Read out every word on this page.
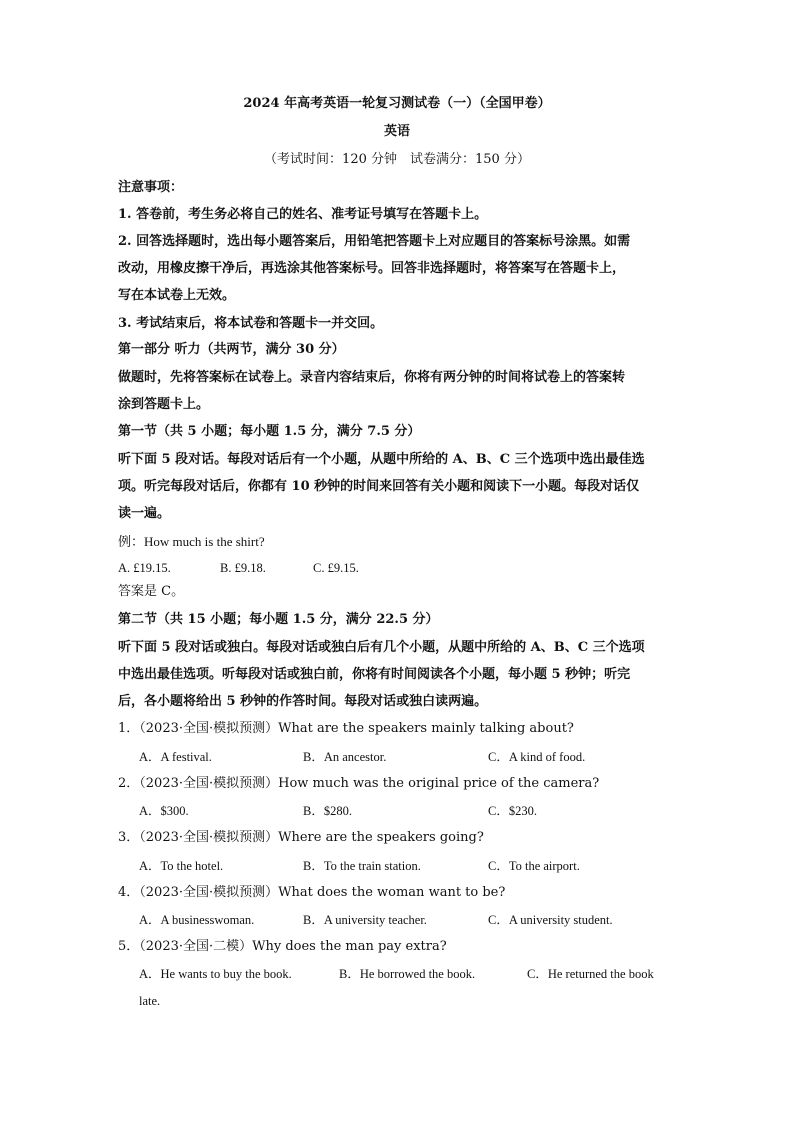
2024 年高考英语一轮复习测试卷（一）（全国甲卷）
英语
（考试时间：120 分钟　试卷满分：150 分）
注意事项：
1. 答卷前，考生务必将自己的姓名、准考证号填写在答题卡上。
2. 回答选择题时，选出每小题答案后，用铅笔把答题卡上对应题目的答案标号涂黑。如需
改动，用橡皮擦干净后，再选涂其他答案标号。回答非选择题时，将答案写在答题卡上，
写在本试卷上无效。
3. 考试结束后，将本试卷和答题卡一并交回。
第一部分 听力（共两节，满分 30 分）
做题时，先将答案标在试卷上。录音内容结束后，你将有两分钟的时间将试卷上的答案转
涂到答题卡上。
第一节（共 5 小题；每小题 1.5 分，满分 7.5 分）
听下面 5 段对话。每段对话后有一个小题，从题中所给的 A、B、C 三个选项中选出最佳选
项。听完每段对话后，你都有 10 秒钟的时间来回答有关小题和阅读下一小题。每段对话仅
读一遍。
例：How much is the shirt?
A. £19.15.	B. £9.18.	C. £9.15.
答案是 C。
第二节（共 15 小题；每小题 1.5 分，满分 22.5 分）
听下面 5 段对话或独白。每段对话或独白后有几个小题，从题中所给的 A、B、C 三个选项
中选出最佳选项。听每段对话或独白前，你将有时间阅读各个小题，每小题 5 秒钟；听完
后，各小题将给出 5 秒钟的作答时间。每段对话或独白读两遍。
1．（2023·全国·模拟预测）What are the speakers mainly talking about?
A．A festival.	B．An ancestor.	C．A kind of food.
2．（2023·全国·模拟预测）How much was the original price of the camera?
A．$300.	B．$280.	C．$230.
3．（2023·全国·模拟预测）Where are the speakers going?
A．To the hotel.	B．To the train station.	C．To the airport.
4．（2023·全国·模拟预测）What does the woman want to be?
A．A businesswoman.	B．A university teacher.	C．A university student.
5．（2023·全国·二模）Why does the man pay extra?
A．He wants to buy the book.	B．He borrowed the book.	C．He returned the book
late.
